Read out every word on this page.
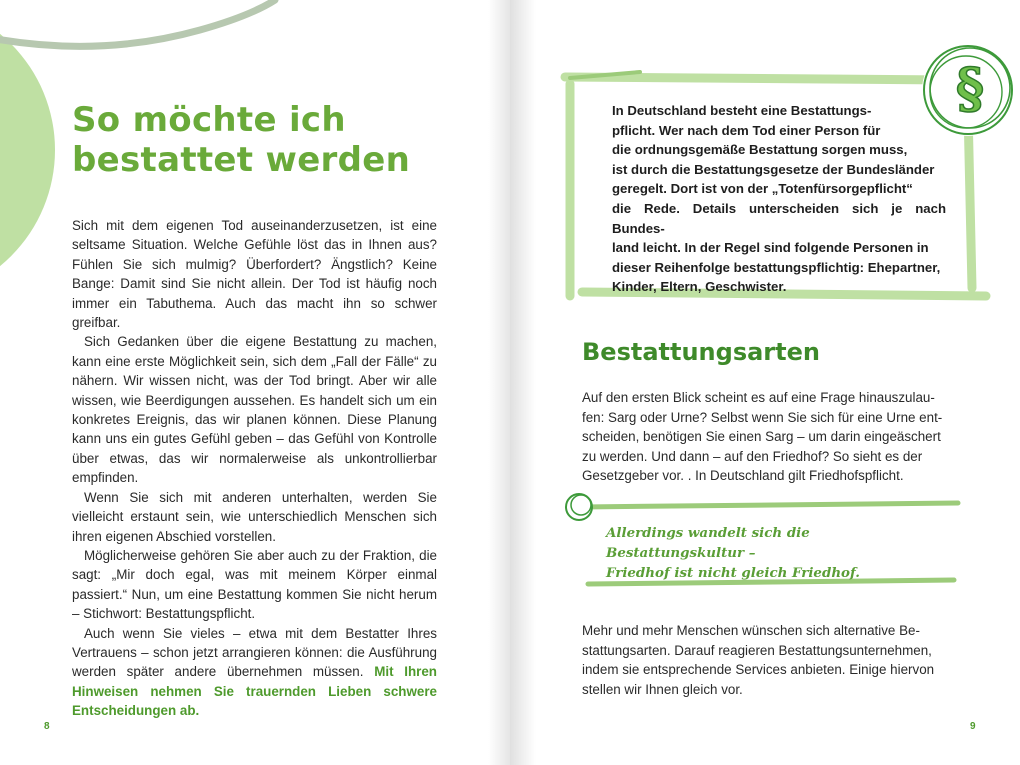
So möchte ich
bestattet werden

Sich mit dem eigenen Tod auseinanderzusetzen, ist eine seltsame Situation. Welche Gefühle löst das in Ihnen aus? Fühlen Sie sich mulmig? Überfordert? Ängstlich? Keine Bange: Damit sind Sie nicht allein. Der Tod ist häufig noch immer ein Tabuthema. Auch das macht ihn so schwer greifbar.

Sich Gedanken über die eigene Bestattung zu machen, kann eine erste Möglichkeit sein, sich dem „Fall der Fälle“ zu nähern. Wir wissen nicht, was der Tod bringt. Aber wir alle wissen, wie Beerdigungen aussehen. Es handelt sich um ein konkretes Ereignis, das wir planen können. Diese Planung kann uns ein gutes Gefühl geben – das Gefühl von Kontrolle über etwas, das wir normalerweise als unkontrollierbar empfinden.

Wenn Sie sich mit anderen unterhalten, werden Sie vielleicht erstaunt sein, wie unterschiedlich Menschen sich ihren eigenen Abschied vorstellen.

Möglicherweise gehören Sie aber auch zu der Fraktion, die sagt: „Mir doch egal, was mit meinem Körper einmal passiert.“ Nun, um eine Bestattung kommen Sie nicht herum – Stichwort: Bestattungspflicht.

Auch wenn Sie vieles – etwa mit dem Bestatter Ihres Vertrauens – schon jetzt arrangieren können: die Ausführung werden später andere übernehmen müssen. Mit Ihren Hinweisen nehmen Sie trauernden Lieben schwere Entscheidungen ab.

8
§
In Deutschland besteht eine Bestattungs-
pflicht. Wer nach dem Tod einer Person für
die ordnungsgemäße Bestattung sorgen muss,
ist durch die Bestattungsgesetze der Bundesländer
geregelt. Dort ist von der „Totenfürsorgepflicht“
die Rede. Details unterscheiden sich je nach Bundes-
land leicht. In der Regel sind folgende Personen in
dieser Reihenfolge bestattungspflichtig: Ehepartner,
Kinder, Eltern, Geschwister.
Bestattungsarten
Auf den ersten Blick scheint es auf eine Frage hinauszulau-
fen: Sarg oder Urne? Selbst wenn Sie sich für eine Urne ent-
scheiden, benötigen Sie einen Sarg – um darin eingeäschert
zu werden. Und dann – auf den Friedhof? So sieht es der
Gesetzgeber vor. . In Deutschland gilt Friedhofspflicht.
Allerdings wandelt sich die Bestattungskultur –
Friedhof ist nicht gleich Friedhof.
Mehr und mehr Menschen wünschen sich alternative Be-
stattungsarten. Darauf reagieren Bestattungsunternehmen,
indem sie entsprechende Services anbieten. Einige hiervon
stellen wir Ihnen gleich vor.
9
